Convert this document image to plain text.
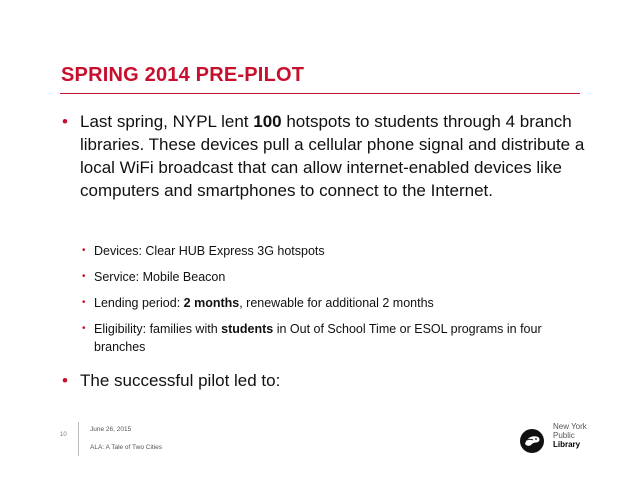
SPRING 2014 PRE-PILOT
• Last spring, NYPL lent 100 hotspots to students through 4 branch libraries. These devices pull a cellular phone signal and distribute a local WiFi broadcast that can allow internet-enabled devices like computers and smartphones to connect to the Internet.
• Devices: Clear HUB Express 3G hotspots
• Service: Mobile Beacon
• Lending period: 2 months, renewable for additional 2 months
• Eligibility: families with students in Out of School Time or ESOL programs in four branches
• The successful pilot led to:
10
June 26, 2015
ALA: A Tale of Two Cities
New York
Public
Library
